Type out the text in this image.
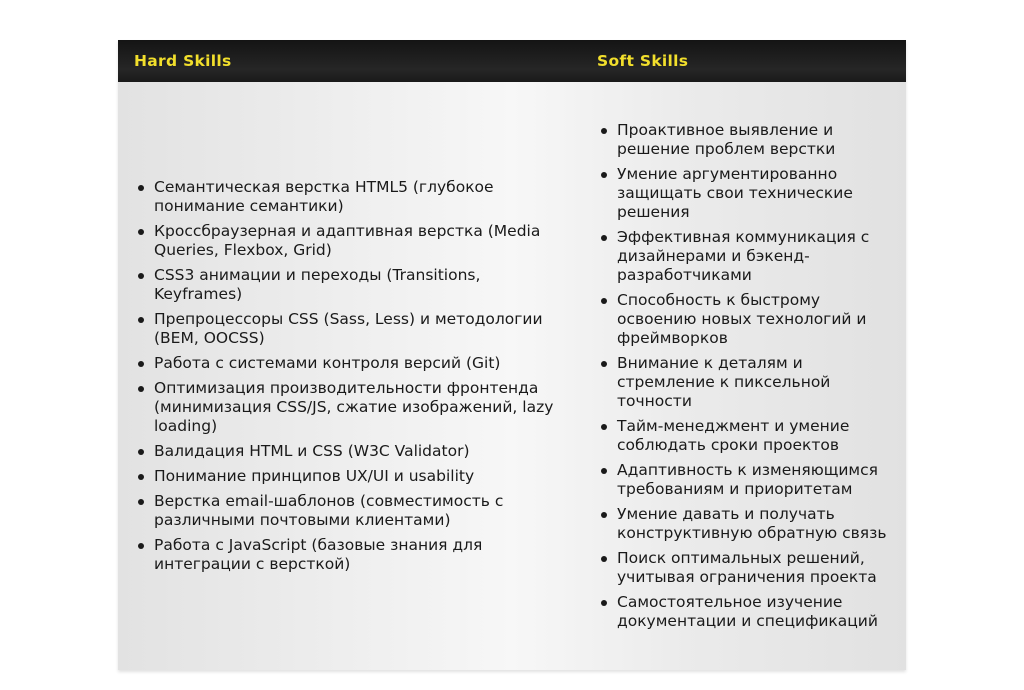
Hard Skills	Soft Skills
Семантическая верстка HTML5 (глубокое понимание семантики)
Кроссбраузерная и адаптивная верстка (Media Queries, Flexbox, Grid)
CSS3 анимации и переходы (Transitions, Keyframes)
Препроцессоры CSS (Sass, Less) и методологии (BEM, OOCSS)
Работа с системами контроля версий (Git)
Оптимизация производительности фронтенда (минимизация CSS/JS, сжатие изображений, lazy loading)
Валидация HTML и CSS (W3C Validator)
Понимание принципов UX/UI и usability
Верстка email-шаблонов (совместимость с различными почтовыми клиентами)
Работа с JavaScript (базовые знания для интеграции с версткой)
Проактивное выявление и решение проблем верстки
Умение аргументированно защищать свои технические решения
Эффективная коммуникация с дизайнерами и бэкенд-разработчиками
Способность к быстрому освоению новых технологий и фреймворков
Внимание к деталям и стремление к пиксельной точности
Тайм-менеджмент и умение соблюдать сроки проектов
Адаптивность к изменяющимся требованиям и приоритетам
Умение давать и получать конструктивную обратную связь
Поиск оптимальных решений, учитывая ограничения проекта
Самостоятельное изучение документации и спецификаций
